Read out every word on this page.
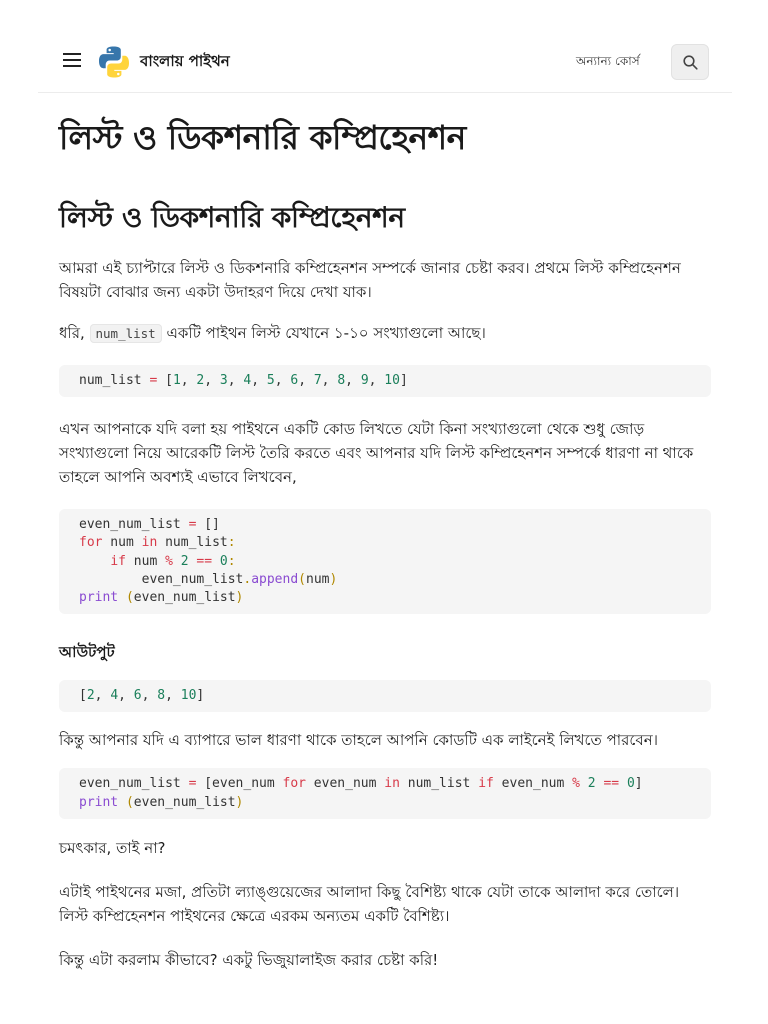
বাংলায় পাইথন	অন্যান্য কোর্স
লিস্ট ও ডিকশনারি কম্প্রিহেনশন
লিস্ট ও ডিকশনারি কম্প্রিহেনশন

আমরা এই চ্যাপ্টারে লিস্ট ও ডিকশনারি কম্প্রিহেনশন সম্পর্কে জানার চেষ্টা করব। প্রথমে লিস্ট কম্প্রিহেনশন বিষয়টা বোঝার জন্য একটা উদাহরণ দিয়ে দেখা যাক।

ধরি, num_list একটি পাইথন লিস্ট যেখানে ১-১০ সংখ্যাগুলো আছে।

num_list = [1, 2, 3, 4, 5, 6, 7, 8, 9, 10]

এখন আপনাকে যদি বলা হয় পাইথনে একটি কোড লিখতে যেটা কিনা সংখ্যাগুলো থেকে শুধু জোড় সংখ্যাগুলো নিয়ে আরেকটি লিস্ট তৈরি করতে এবং আপনার যদি লিস্ট কম্প্রিহেনশন সম্পর্কে ধারণা না থাকে তাহলে আপনি অবশ্যই এভাবে লিখবেন,

even_num_list = []
for num in num_list:
if num % 2 == 0:
even_num_list.append(num)
print (even_num_list)
আউটপুট
[2, 4, 6, 8, 10]

কিন্তু আপনার যদি এ ব্যাপারে ভাল ধারণা থাকে তাহলে আপনি কোডটি এক লাইনেই লিখতে পারবেন।

even_num_list = [even_num for even_num in num_list if even_num % 2 == 0]
print (even_num_list)

চমৎকার, তাই না?

এটাই পাইথনের মজা, প্রতিটা ল্যাঙ্গুয়েজের আলাদা কিছু বৈশিষ্ট্য থাকে যেটা তাকে আলাদা করে তোলে। লিস্ট কম্প্রিহেনশন পাইথনের ক্ষেত্রে এরকম অন্যতম একটি বৈশিষ্ট্য।

কিন্তু এটা করলাম কীভাবে? একটু ভিজুয়ালাইজ করার চেষ্টা করি!
